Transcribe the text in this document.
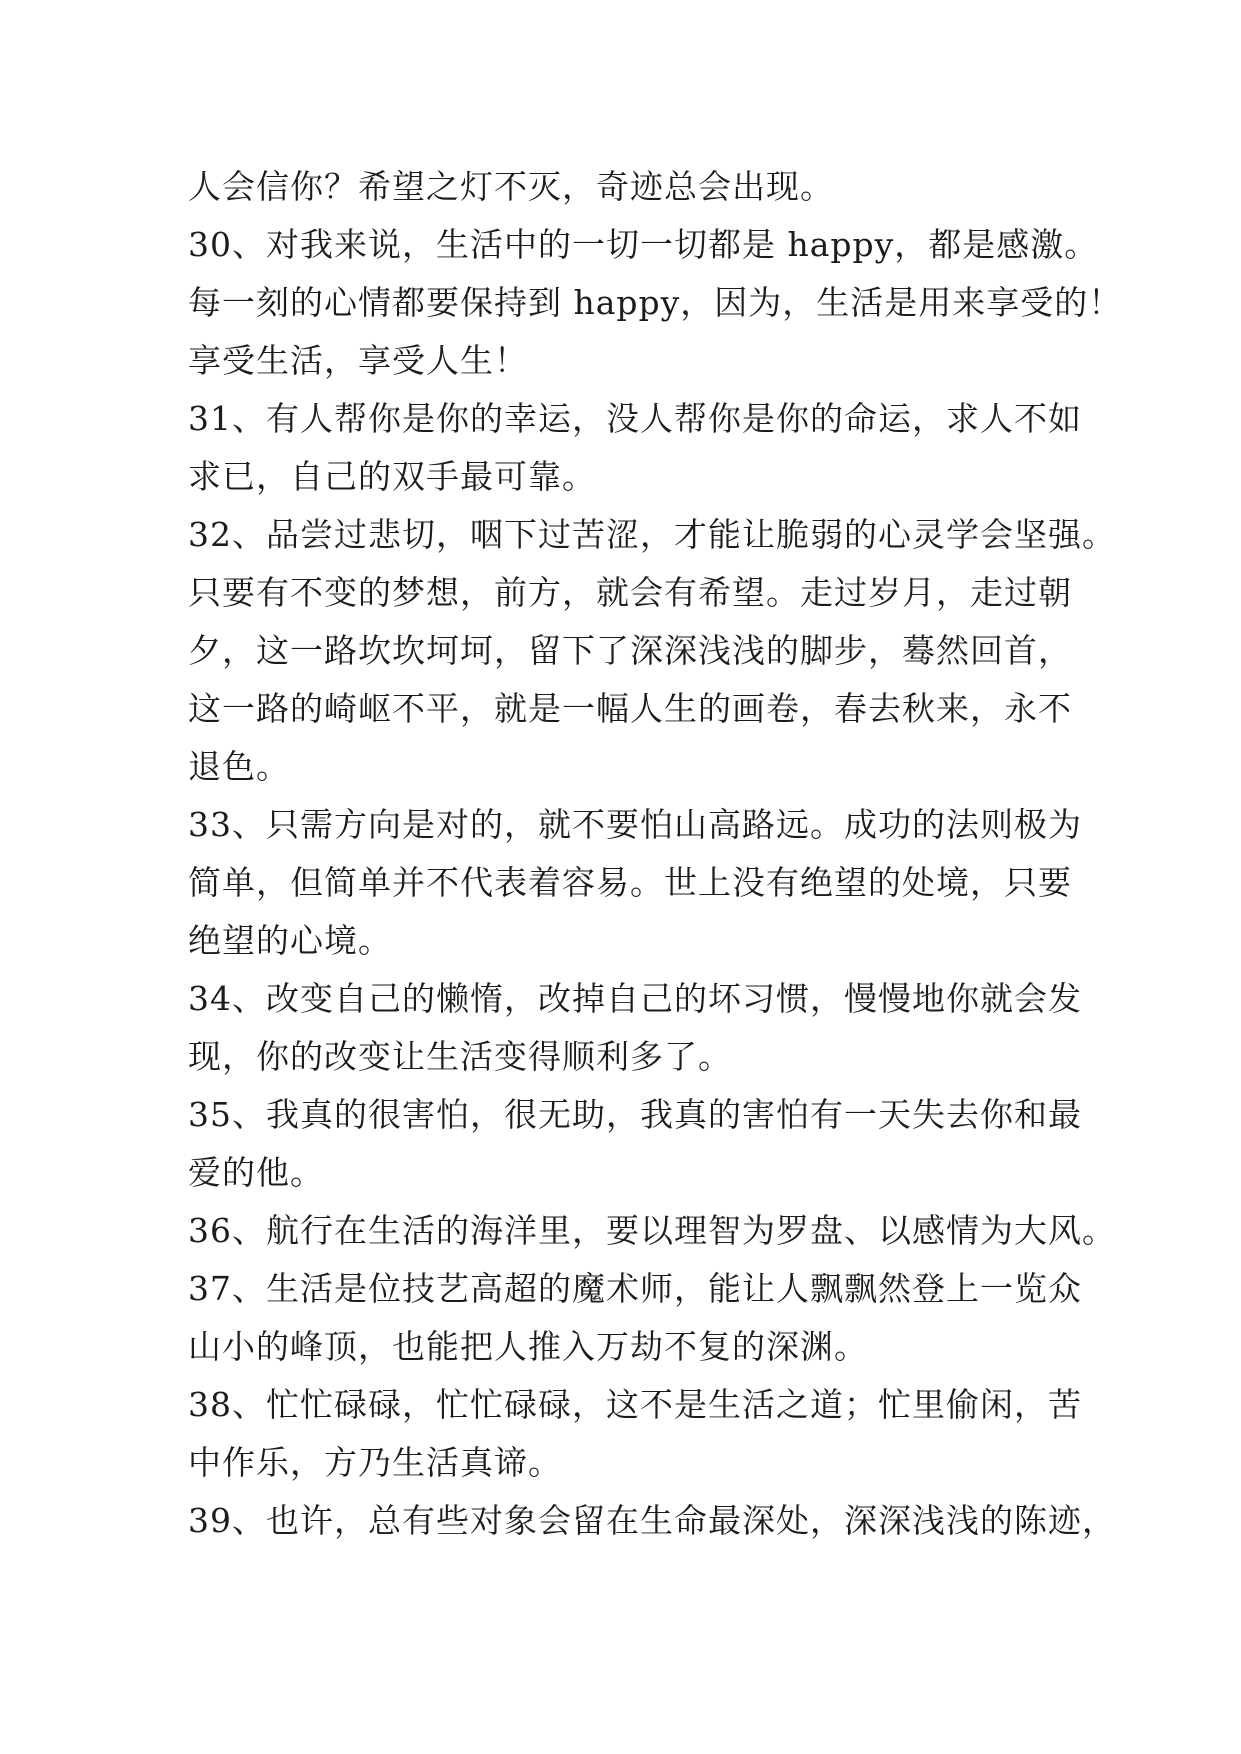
人会信你？希望之灯不灭，奇迹总会出现。
30、对我来说，生活中的一切一切都是 happy，都是感激。
每一刻的心情都要保持到 happy，因为，生活是用来享受的！
享受生活，享受人生！
31、有人帮你是你的幸运，没人帮你是你的命运，求人不如
求已，自己的双手最可靠。
32、品尝过悲切，咽下过苦涩，才能让脆弱的心灵学会坚强。
只要有不变的梦想，前方，就会有希望。走过岁月，走过朝
夕，这一路坎坎坷坷，留下了深深浅浅的脚步，蓦然回首，
这一路的崎岖不平，就是一幅人生的画卷，春去秋来，永不
退色。
33、只需方向是对的，就不要怕山高路远。成功的法则极为
简单，但简单并不代表着容易。世上没有绝望的处境，只要
绝望的心境。
34、改变自己的懒惰，改掉自己的坏习惯，慢慢地你就会发
现，你的改变让生活变得顺利多了。
35、我真的很害怕，很无助，我真的害怕有一天失去你和最
爱的他。
36、航行在生活的海洋里，要以理智为罗盘、以感情为大风。
37、生活是位技艺高超的魔术师，能让人飘飘然登上一览众
山小的峰顶，也能把人推入万劫不复的深渊。
38、忙忙碌碌，忙忙碌碌，这不是生活之道；忙里偷闲，苦
中作乐，方乃生活真谛。
39、也许，总有些对象会留在生命最深处，深深浅浅的陈迹，
